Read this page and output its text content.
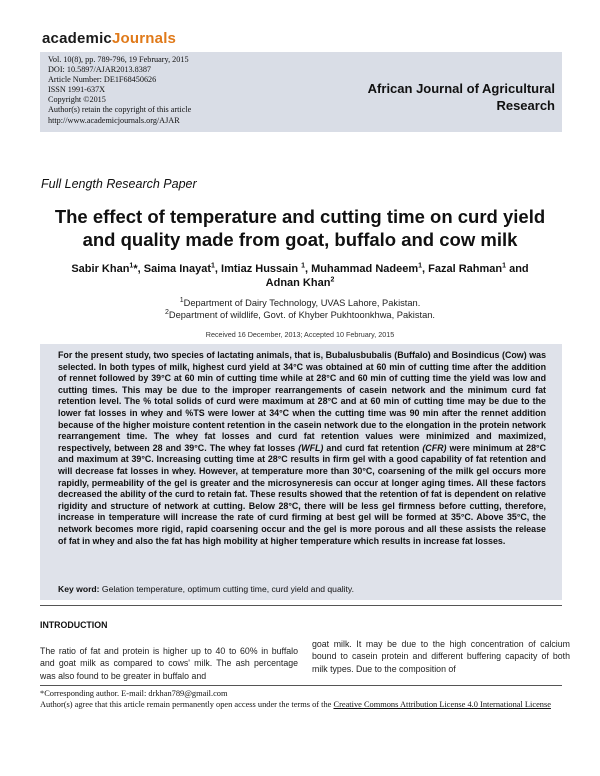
academicJournals
Vol. 10(8), pp. 789-796, 19 February, 2015
DOI: 10.5897/AJAR2013.8387
Article Number: DE1F68450626
ISSN 1991-637X
Copyright ©2015
Author(s) retain the copyright of this article
http://www.academicjournals.org/AJAR
African Journal of Agricultural
Research
Full Length Research Paper
The effect of temperature and cutting time on curd yield
and quality made from goat, buffalo and cow milk
Sabir Khan$^1$*, Saima Inayat$^1$, Imtiaz Hussain $^1$, Muhammad Nadeem$^1$, Fazal Rahman$^1$ and
Adnan Khan$^2$
$^1$Department of Dairy Technology, UVAS Lahore, Pakistan.
$^2$Department of wildlife, Govt. of Khyber Pukhtoonkhwa, Pakistan.
Received 16 December, 2013; Accepted 10 February, 2015
For the present study, two species of lactating animals, that is, Bubalusbubalis (Buffalo) and Bosindicus (Cow) was selected. In both types of milk, highest curd yield at 34°C was obtained at 60 min of cutting time after the addition of rennet followed by 39°C at 60 min of cutting time while at 28°C and 60 min of cutting time the yield was low and cutting times. This may be due to the improper rearrangements of casein network and the minimum curd fat retention level. The % total solids of curd were maximum at 28°C and at 60 min of cutting time may be due to the lower fat losses in whey and %TS were lower at 34°C when the cutting time was 90 min after the rennet addition because of the higher moisture content retention in the casein network due to the elongation in the protein network rearrangement time. The whey fat losses and curd fat retention values were minimized and maximized, respectively, between 28 and 39°C. The whey fat losses (WFL) and curd fat retention (CFR) were minimum at 28°C and maximum at 39°C. Increasing cutting time at 28°C results in firm gel with a good capability of fat retention and will decrease fat losses in whey. However, at temperature more than 30°C, coarsening of the milk gel occurs more rapidly, permeability of the gel is greater and the microsyneresis can occur at longer aging times. All these factors decreased the ability of the curd to retain fat. These results showed that the retention of fat is dependent on relative rigidity and structure of network at cutting. Below 28°C, there will be less gel firmness before cutting, therefore, increase in temperature will increase the rate of curd firming at best gel will be formed at 35°C. Above 35°C, the network becomes more rigid, rapid coarsening occur and the gel is more porous and all these assists the release of fat in whey and also the fat has high mobility at higher temperature which results in increase fat losses.
Key word: Gelation temperature, optimum cutting time, curd yield and quality.
INTRODUCTION
The ratio of fat and protein is higher up to 40 to 60% in buffalo and goat milk as compared to cows' milk. The ash percentage was also found to be greater in buffalo and
goat milk. It may be due to the high concentration of calcium bound to casein protein and different buffering capacity of both milk types. Due to the composition of
*Corresponding author. E-mail: drkhan789@gmail.com
Author(s) agree that this article remain permanently open access under the terms of the Creative Commons Attribution License 4.0 International License
